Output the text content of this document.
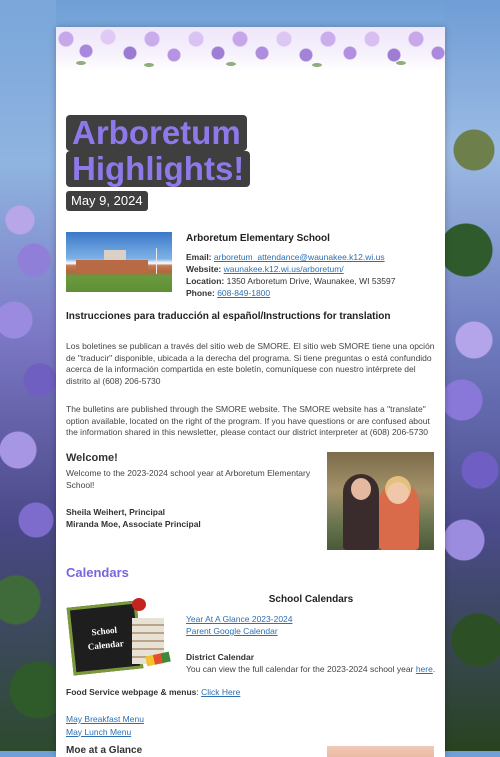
Arboretum
Highlights!
May 9, 2024
Arboretum Elementary School
Email: arboretum_attendance@waunakee.k12.wi.us
Website: waunakee.k12.wi.us/arboretum/
Location: 1350 Arboretum Drive, Waunakee, WI 53597
Phone: 608-849-1800
Instrucciones para traducción al español/Instructions for translation

Los boletines se publican a través del sitio web de SMORE. El sitio web SMORE tiene una opción de "traducir" disponible, ubicada a la derecha del programa. Si tiene preguntas o está confundido acerca de la información compartida en este boletín, comuníquese con nuestro intérprete del distrito al (608) 206-5730

The bulletins are published through the SMORE website. The SMORE website has a "translate" option available, located on the right of the program. If you have questions or are confused about the information shared in this newsletter, please contact our district interpreter at (608) 206-5730

Welcome!
Welcome to the 2023-2024 school year at Arboretum Elementary School!
Sheila Weihert, Principal
Miranda Moe, Associate Principal
Calendars
School
Calendar
School Calendars
Year At A Glance 2023-2024
Parent Google Calendar
District Calendar
You can view the full calendar for the 2023-2024 school year here.
Food Service webpage & menus: Click Here
May Breakfast Menu
May Lunch Menu
Moe at a Glance
